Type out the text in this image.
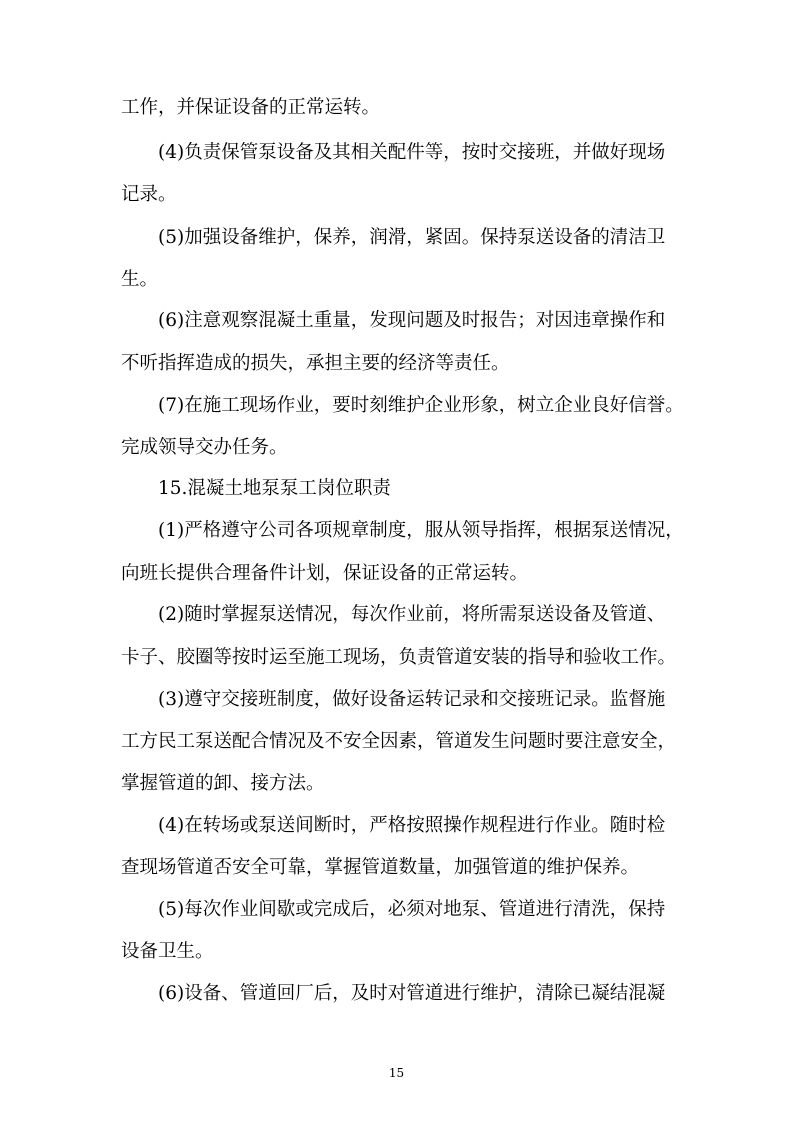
工作，并保证设备的正常运转。
(4)负责保管泵设备及其相关配件等，按时交接班，并做好现场
记录。
(5)加强设备维护，保养，润滑，紧固。保持泵送设备的清洁卫
生。
(6)注意观察混凝土重量，发现问题及时报告；对因违章操作和
不听指挥造成的损失，承担主要的经济等责任。
(7)在施工现场作业，要时刻维护企业形象，树立企业良好信誉。
完成领导交办任务。
15.混凝土地泵泵工岗位职责
(1)严格遵守公司各项规章制度，服从领导指挥，根据泵送情况，
向班长提供合理备件计划，保证设备的正常运转。
(2)随时掌握泵送情况，每次作业前，将所需泵送设备及管道、
卡子、胶圈等按时运至施工现场，负责管道安装的指导和验收工作。
(3)遵守交接班制度，做好设备运转记录和交接班记录。监督施
工方民工泵送配合情况及不安全因素，管道发生问题时要注意安全，
掌握管道的卸、接方法。
(4)在转场或泵送间断时，严格按照操作规程进行作业。随时检
查现场管道否安全可靠，掌握管道数量，加强管道的维护保养。
(5)每次作业间歇或完成后，必须对地泵、管道进行清洗，保持
设备卫生。
(6)设备、管道回厂后，及时对管道进行维护，清除已凝结混凝
15
